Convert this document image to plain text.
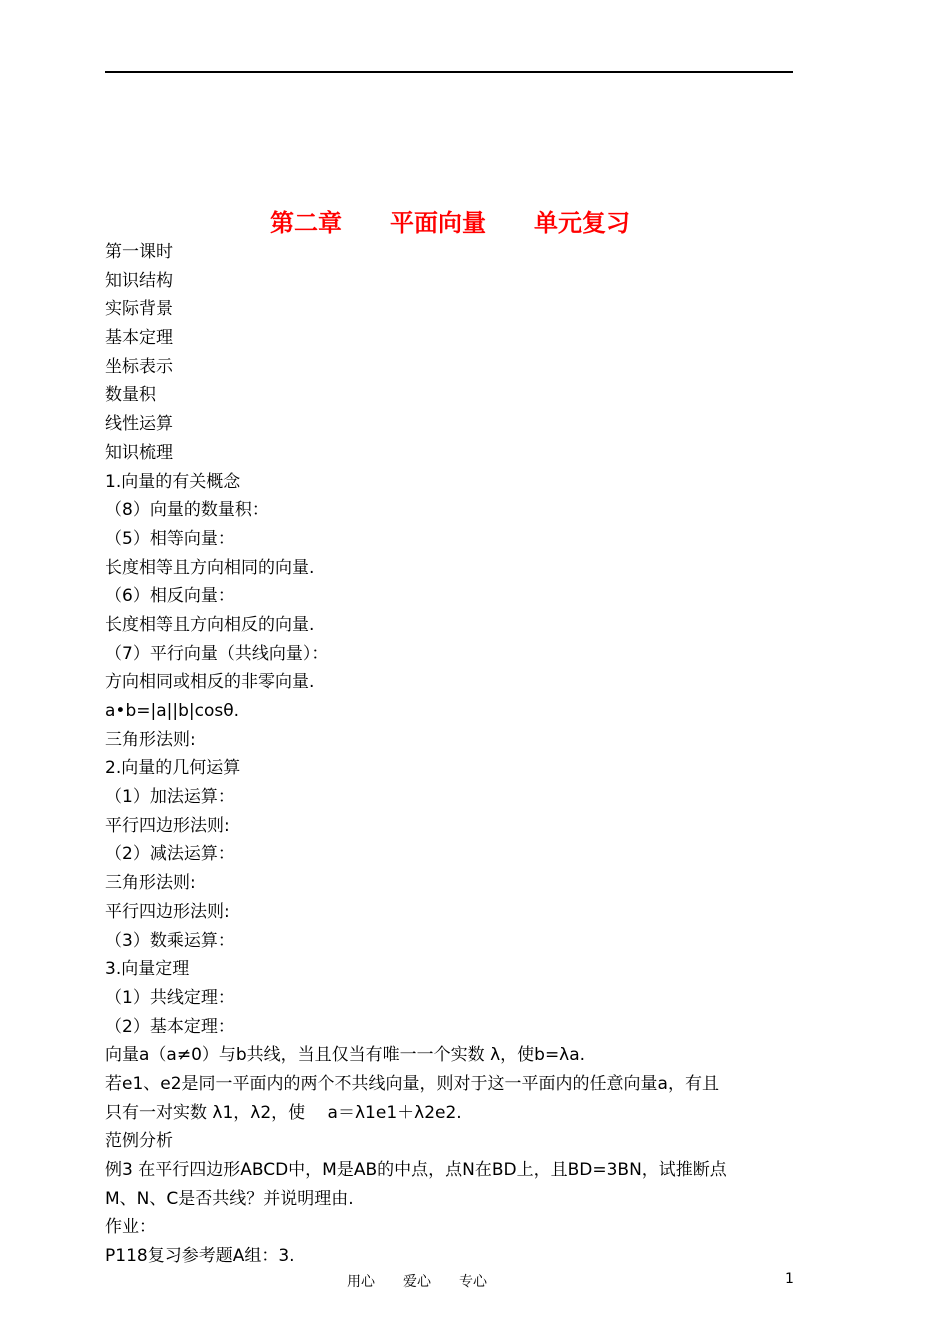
第二章　　平面向量　　单元复习
第一课时
知识结构
实际背景
基本定理
坐标表示
数量积
线性运算
知识梳理
1.向量的有关概念
（8）向量的数量积：
（5）相等向量：
长度相等且方向相同的向量.
（6）相反向量：
长度相等且方向相反的向量.
（7）平行向量（共线向量）：
方向相同或相反的非零向量.
a•b=|a||b|cosθ.
三角形法则:
2.向量的几何运算
（1）加法运算：
平行四边形法则:
（2）减法运算：
三角形法则:
平行四边形法则:
（3）数乘运算：
3.向量定理
（1）共线定理：
（2）基本定理：
向量a（a≠0）与b共线，当且仅当有唯一一个实数 λ，使b=λa.
若e1、e2是同一平面内的两个不共线向量，则对于这一平面内的任意向量a，有且
只有一对实数 λ1，λ2，使　 a＝λ1e1＋λ2e2.
范例分析
例3 在平行四边形ABCD中，M是AB的中点，点N在BD上，且BD=3BN，试推断点
M、N、C是否共线？并说明理由.
作业：
P118复习参考题A组：3.
用心　　爱心　　专心	1
